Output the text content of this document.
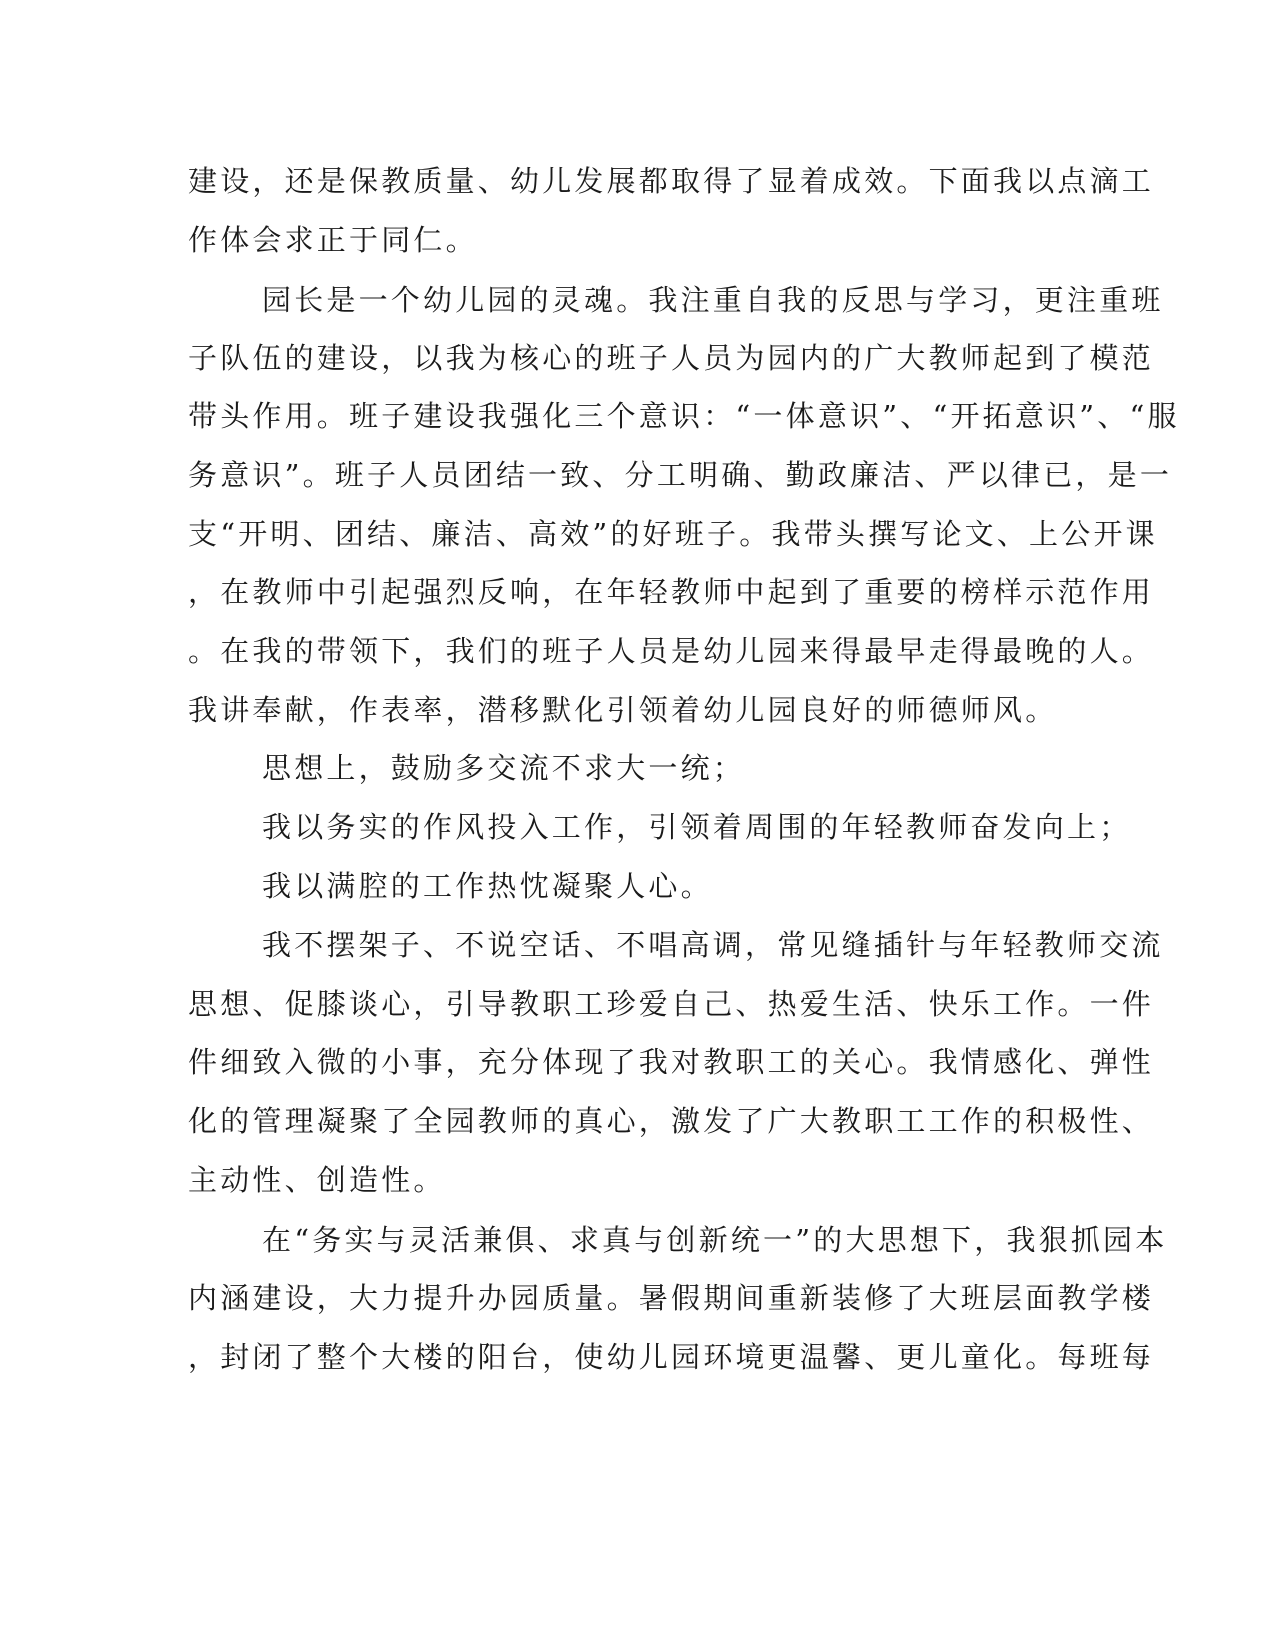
建设，还是保教质量、幼儿发展都取得了显着成效。下面我以点滴工
作体会求正于同仁。
园长是一个幼儿园的灵魂。我注重自我的反思与学习，更注重班
子队伍的建设，以我为核心的班子人员为园内的广大教师起到了模范
带头作用。班子建设我强化三个意识：“一体意识”、“开拓意识”、“服
务意识”。班子人员团结一致、分工明确、勤政廉洁、严以律已，是一
支“开明、团结、廉洁、高效”的好班子。我带头撰写论文、上公开课
，在教师中引起强烈反响，在年轻教师中起到了重要的榜样示范作用
。在我的带领下，我们的班子人员是幼儿园来得最早走得最晚的人。
我讲奉献，作表率，潜移默化引领着幼儿园良好的师德师风。
思想上，鼓励多交流不求大一统；
我以务实的作风投入工作，引领着周围的年轻教师奋发向上；
我以满腔的工作热忱凝聚人心。
我不摆架子、不说空话、不唱高调，常见缝插针与年轻教师交流
思想、促膝谈心，引导教职工珍爱自己、热爱生活、快乐工作。一件
件细致入微的小事，充分体现了我对教职工的关心。我情感化、弹性
化的管理凝聚了全园教师的真心，激发了广大教职工工作的积极性、
主动性、创造性。
在“务实与灵活兼俱、求真与创新统一”的大思想下，我狠抓园本
内涵建设，大力提升办园质量。暑假期间重新装修了大班层面教学楼
，封闭了整个大楼的阳台，使幼儿园环境更温馨、更儿童化。每班每
